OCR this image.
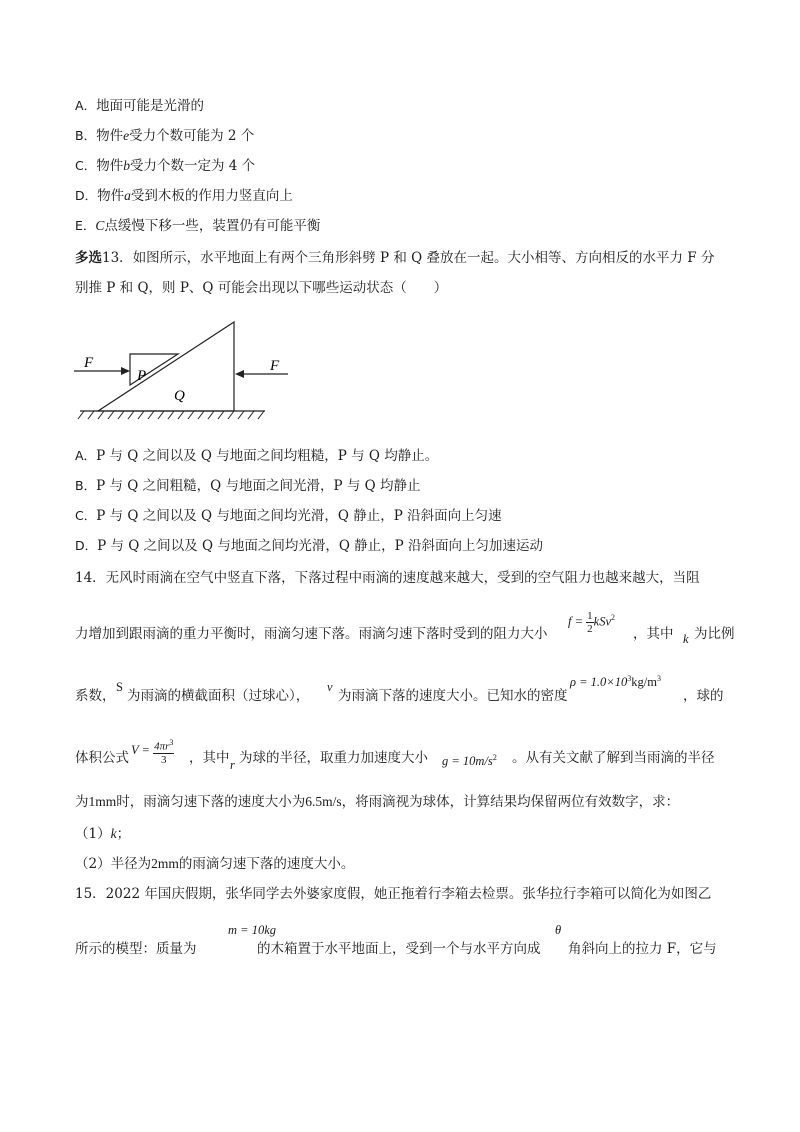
A．地面可能是光滑的
B．物件e受力个数可能为 2 个
C．物件b受力个数一定为 4 个
D．物件a受到木板的作用力竖直向上
E．C点缓慢下移一些，装置仍有可能平衡
多选13．如图所示，水平地面上有两个三角形斜劈 P 和 Q 叠放在一起。大小相等、方向相反的水平力 F 分
别推 P 和 Q，则 P、Q 可能会出现以下哪些运动状态（　　）
F	F
P
Q
A．P 与 Q 之间以及 Q 与地面之间均粗糙，P 与 Q 均静止。
B．P 与 Q 之间粗糙，Q 与地面之间光滑，P 与 Q 均静止
C．P 与 Q 之间以及 Q 与地面之间均光滑，Q 静止，P 沿斜面向上匀速
D．P 与 Q 之间以及 Q 与地面之间均光滑，Q 静止，P 沿斜面向上匀加速运动
14．无风时雨滴在空气中竖直下落，下落过程中雨滴的速度越来越大，受到的空气阻力也越来越大，当阻
力增加到跟雨滴的重力平衡时，雨滴匀速下落。雨滴匀速下落时受到的阻力大小
$f = \frac{1}{2} kSv^2$
，其中 k 为比例
系数，
S
为雨滴的横截面积（过球心），
v
为雨滴下落的速度大小。已知水的密度
$\rho = 1.0\times 10^3kg/m^3$
，球的
体积公式 $V = \frac{4\pi r^3}{3}$ ，其中 r 为球的半径，取重力加速度大小 $g = 10m/s^2$ 。从有关文献了解到当雨滴的半径
为1mm时，雨滴匀速下落的速度大小为6.5m/s，将雨滴视为球体，计算结果均保留两位有效数字，求：
（1）k；
（2）半径为2mm的雨滴匀速下落的速度大小。
15．2022 年国庆假期，张华同学去外婆家度假，她正拖着行李箱去检票。张华拉行李箱可以简化为如图乙
所示的模型：质量为
m = 10kg
的木箱置于水平地面上，受到一个与水平方向成
θ
角斜向上的拉力 F，它与
